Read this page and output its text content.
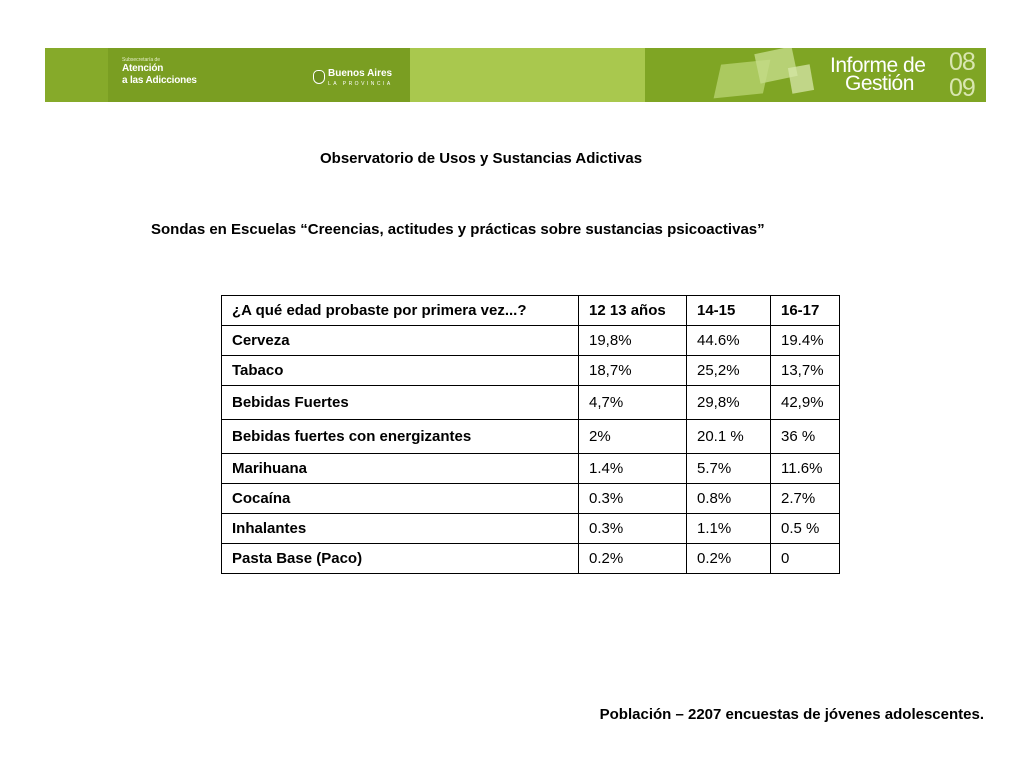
Subsecretaría de
Atención
a las Adicciones
Buenos Aires
LA PROVINCIA
Informe de
Gestión
08
09
Observatorio de Usos y Sustancias Adictivas
Sondas en Escuelas “Creencias, actitudes y prácticas sobre sustancias psicoactivas”
¿A qué edad probaste por primera vez...?	12 13 años	14-15	16-17
Cerveza	19,8%	44.6%	19.4%
Tabaco	18,7%	25,2%	13,7%
Bebidas Fuertes	4,7%	29,8%	42,9%
Bebidas fuertes con energizantes	2%	20.1 %	36 %
Marihuana	1.4%	5.7%	11.6%
Cocaína	0.3%	0.8%	2.7%
Inhalantes	0.3%	1.1%	0.5 %
Pasta Base (Paco)	0.2%	0.2%	0
Población – 2207 encuestas de jóvenes adolescentes.
